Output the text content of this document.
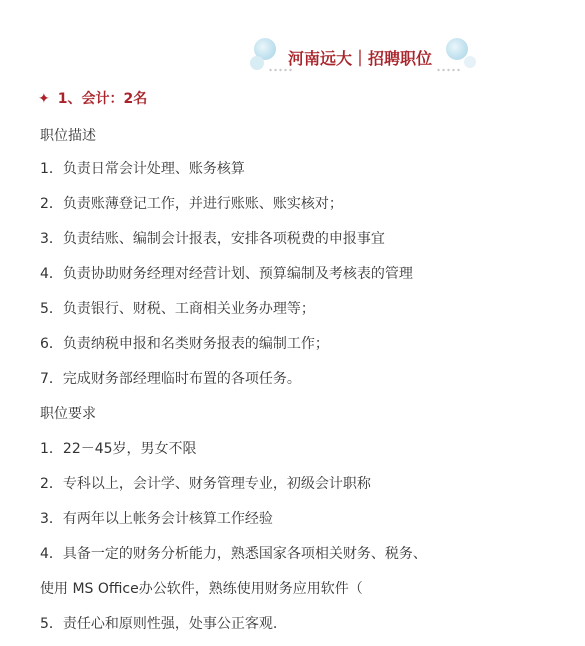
河南远大｜招聘职位
✦ 1、会计：2名
职位描述
1．负责日常会计处理、账务核算
2．负责账薄登记工作，并进行账账、账实核对；
3．负责结账、编制会计报表，安排各项税费的申报事宜
4．负责协助财务经理对经营计划、预算编制及考核表的管理
5．负责银行、财税、工商相关业务办理等；
6．负责纳税申报和名类财务报表的编制工作；
7．完成财务部经理临时布置的各项任务。
职位要求
1．22－45岁，男女不限
2．专科以上，会计学、财务管理专业，初级会计职称
3．有两年以上帐务会计核算工作经验
4．具备一定的财务分析能力，熟悉国家各项相关财务、税务、
使用 MS Office办公软件，熟练使用财务应用软件（
5．责任心和原则性强，处事公正客观.
